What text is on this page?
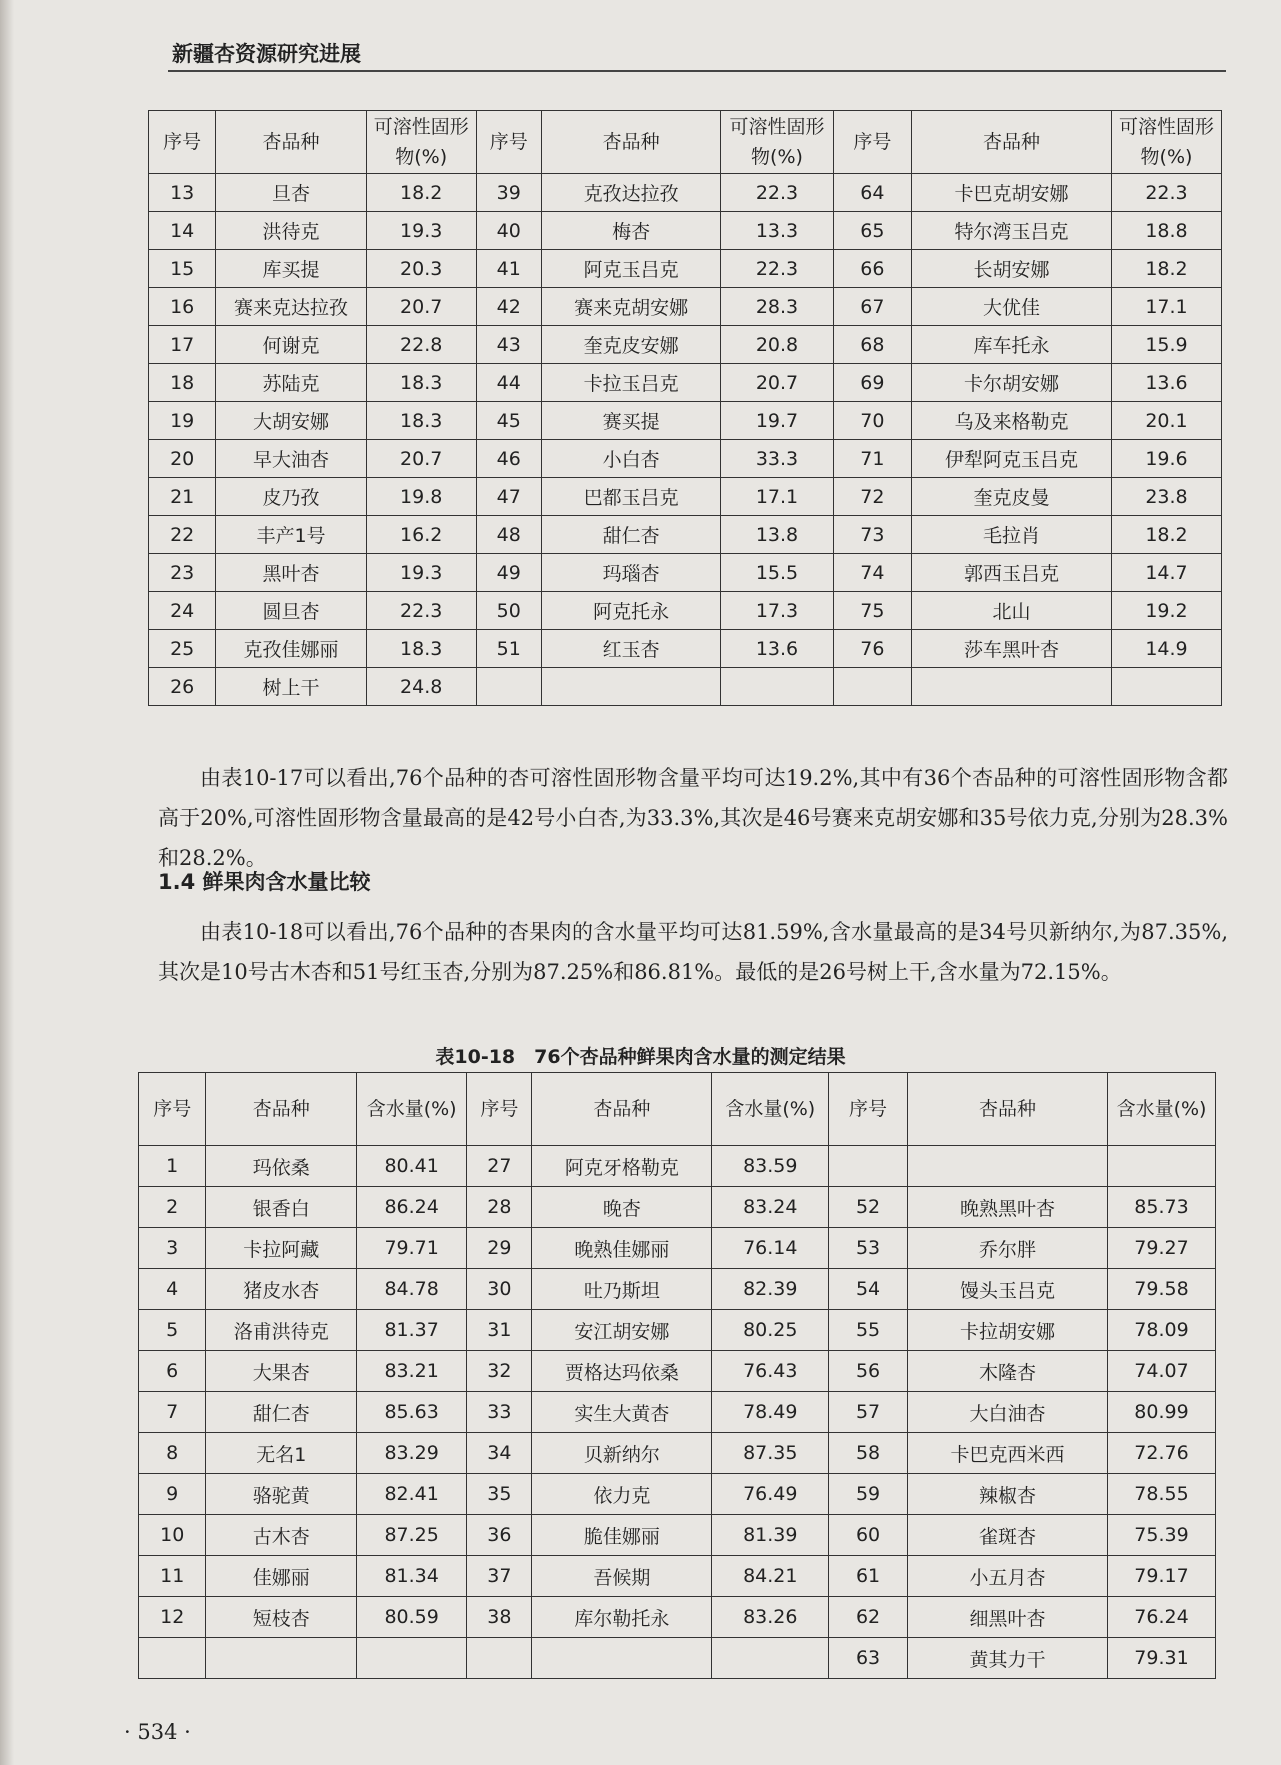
新疆杏资源研究进展
序号	杏品种	可溶性固形物(%)	序号	杏品种	可溶性固形物(%)	序号	杏品种	可溶性固形物(%)
13	旦杏	18.2	39	克孜达拉孜	22.3	64	卡巴克胡安娜	22.3
14	洪待克	19.3	40	梅杏	13.3	65	特尔湾玉吕克	18.8
15	库买提	20.3	41	阿克玉吕克	22.3	66	长胡安娜	18.2
16	赛来克达拉孜	20.7	42	赛来克胡安娜	28.3	67	大优佳	17.1
17	何谢克	22.8	43	奎克皮安娜	20.8	68	库车托永	15.9
18	苏陆克	18.3	44	卡拉玉吕克	20.7	69	卡尔胡安娜	13.6
19	大胡安娜	18.3	45	赛买提	19.7	70	乌及来格勒克	20.1
20	早大油杏	20.7	46	小白杏	33.3	71	伊犁阿克玉吕克	19.6
21	皮乃孜	19.8	47	巴都玉吕克	17.1	72	奎克皮曼	23.8
22	丰产1号	16.2	48	甜仁杏	13.8	73	毛拉肖	18.2
23	黑叶杏	19.3	49	玛瑙杏	15.5	74	郭西玉吕克	14.7
24	圆旦杏	22.3	50	阿克托永	17.3	75	北山	19.2
25	克孜佳娜丽	18.3	51	红玉杏	13.6	76	莎车黑叶杏	14.9
26	树上干	24.8						
由表10-17可以看出,76个品种的杏可溶性固形物含量平均可达19.2%,其中有36个杏品种的可溶性固形物含都高于20%,可溶性固形物含量最高的是42号小白杏,为33.3%,其次是46号赛来克胡安娜和35号依力克,分别为28.3%和28.2%。
1.4 鲜果肉含水量比较
由表10-18可以看出,76个品种的杏果肉的含水量平均可达81.59%,含水量最高的是34号贝新纳尔,为87.35%,其次是10号古木杏和51号红玉杏,分别为87.25%和86.81%。最低的是26号树上干,含水量为72.15%。
表10-18　76个杏品种鲜果肉含水量的测定结果
序号	杏品种	含水量(%)	序号	杏品种	含水量(%)	序号	杏品种	含水量(%)
1	玛依桑	80.41	27	阿克牙格勒克	83.59			
2	银香白	86.24	28	晚杏	83.24	52	晚熟黑叶杏	85.73
3	卡拉阿藏	79.71	29	晚熟佳娜丽	76.14	53	乔尔胖	79.27
4	猪皮水杏	84.78	30	吐乃斯坦	82.39	54	馒头玉吕克	79.58
5	洛甫洪待克	81.37	31	安江胡安娜	80.25	55	卡拉胡安娜	78.09
6	大果杏	83.21	32	贾格达玛依桑	76.43	56	木隆杏	74.07
7	甜仁杏	85.63	33	实生大黄杏	78.49	57	大白油杏	80.99
8	无名1	83.29	34	贝新纳尔	87.35	58	卡巴克西米西	72.76
9	骆驼黄	82.41	35	依力克	76.49	59	辣椒杏	78.55
10	古木杏	87.25	36	脆佳娜丽	81.39	60	雀斑杏	75.39
11	佳娜丽	81.34	37	吾候期	84.21	61	小五月杏	79.17
12	短枝杏	80.59	38	库尔勒托永	83.26	62	细黑叶杏	76.24
						63	黄其力干	79.31
· 534 ·
